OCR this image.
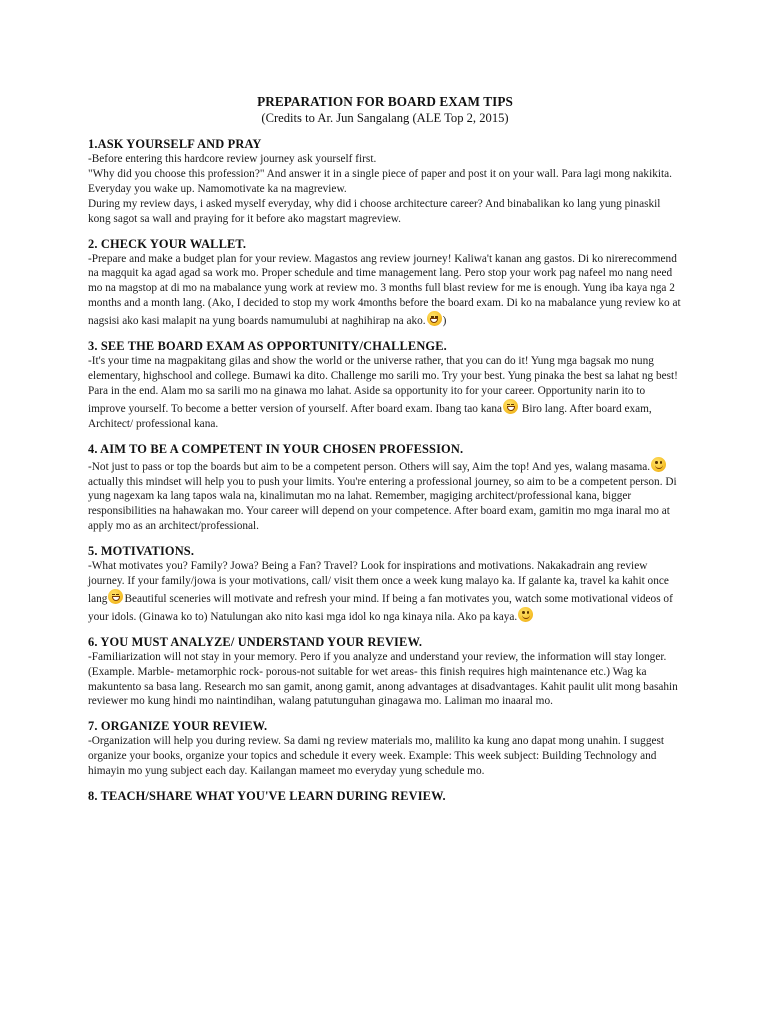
PREPARATION FOR BOARD EXAM TIPS
(Credits to Ar. Jun Sangalang (ALE Top 2, 2015)
1.ASK YOURSELF AND PRAY

-Before entering this hardcore review journey ask yourself first.

"Why did you choose this profession?" And answer it in a single piece of paper and post it on your wall. Para lagi mong nakikita. Everyday you wake up. Namomotivate ka na magreview.

During my review days, i asked myself everyday, why did i choose architecture career? And binabalikan ko lang yung pinaskil kong sagot sa wall and praying for it before ako magstart magreview.

2. CHECK YOUR WALLET.

-Prepare and make a budget plan for your review. Magastos ang review journey! Kaliwa't kanan ang gastos. Di ko nirerecommend na magquit ka agad agad sa work mo. Proper schedule and time management lang. Pero stop your work pag nafeel mo nang need mo na magstop at di mo na mabalance yung work at review mo. 3 months full blast review for me is enough. Yung iba kaya nga 2 months and a month lang. (Ako, I decided to stop my work 4months before the board exam. Di ko na mabalance yung review ko at nagsisi ako kasi malapit na yung boards namumulubi at naghihirap na ako. )

3. SEE THE BOARD EXAM AS OPPORTUNITY/CHALLENGE.

-It's your time na magpakitang gilas and show the world or the universe rather, that you can do it! Yung mga bagsak mo nung elementary, highschool and college. Bumawi ka dito. Challenge mo sarili mo. Try your best. Yung pinaka the best sa lahat ng best! Para in the end. Alam mo sa sarili mo na ginawa mo lahat. Aside sa opportunity ito for your career. Opportunity narin ito to improve yourself. To become a better version of yourself. After board exam. Ibang tao kana
Biro lang. After board exam, Architect/ professional kana.

4. AIM TO BE A COMPETENT IN YOUR CHOSEN PROFESSION.

-Not just to pass or top the boards but aim to be a competent person. Others will say, Aim the top! And yes, walang masama.
actually this mindset will help you to push your limits. You're entering a professional journey, so aim to be a competent person. Di yung nagexam ka lang tapos wala na, kinalimutan mo na lahat. Remember, magiging architect/professional kana, bigger responsibilities na hahawakan mo. Your career will depend on your competence. After board exam, gamitin mo mga inaral mo at apply mo as an architect/professional.

5. MOTIVATIONS.

-What motivates you? Family? Jowa? Being a Fan? Travel? Look for inspirations and motivations. Nakakadrain ang review journey. If your family/jowa is your motivations, call/ visit them once a week kung malayo ka. If galante ka, travel ka kahit once lang Beautiful sceneries will motivate and refresh your mind. If being a fan motivates you, watch some motivational videos of your idols. (Ginawa ko to) Natulungan ako nito kasi mga idol ko nga kinaya nila. Ako pa kaya.

6. YOU MUST ANALYZE/ UNDERSTAND YOUR REVIEW.

-Familiarization will not stay in your memory. Pero if you analyze and understand your review, the information will stay longer. (Example. Marble- metamorphic rock- porous-not suitable for wet areas- this finish requires high maintenance etc.) Wag ka makuntento sa basa lang. Research mo san gamit, anong gamit, anong advantages at disadvantages. Kahit paulit ulit mong basahin reviewer mo kung hindi mo naintindihan, walang patutunguhan ginagawa mo. Laliman mo inaaral mo.

7. ORGANIZE YOUR REVIEW.

-Organization will help you during review. Sa dami ng review materials mo, malilito ka kung ano dapat mong unahin. I suggest organize your books, organize your topics and schedule it every week. Example: This week subject: Building Technology and himayin mo yung subject each day. Kailangan mameet mo everyday yung schedule mo.

8. TEACH/SHARE WHAT YOU'VE LEARN DURING REVIEW.
